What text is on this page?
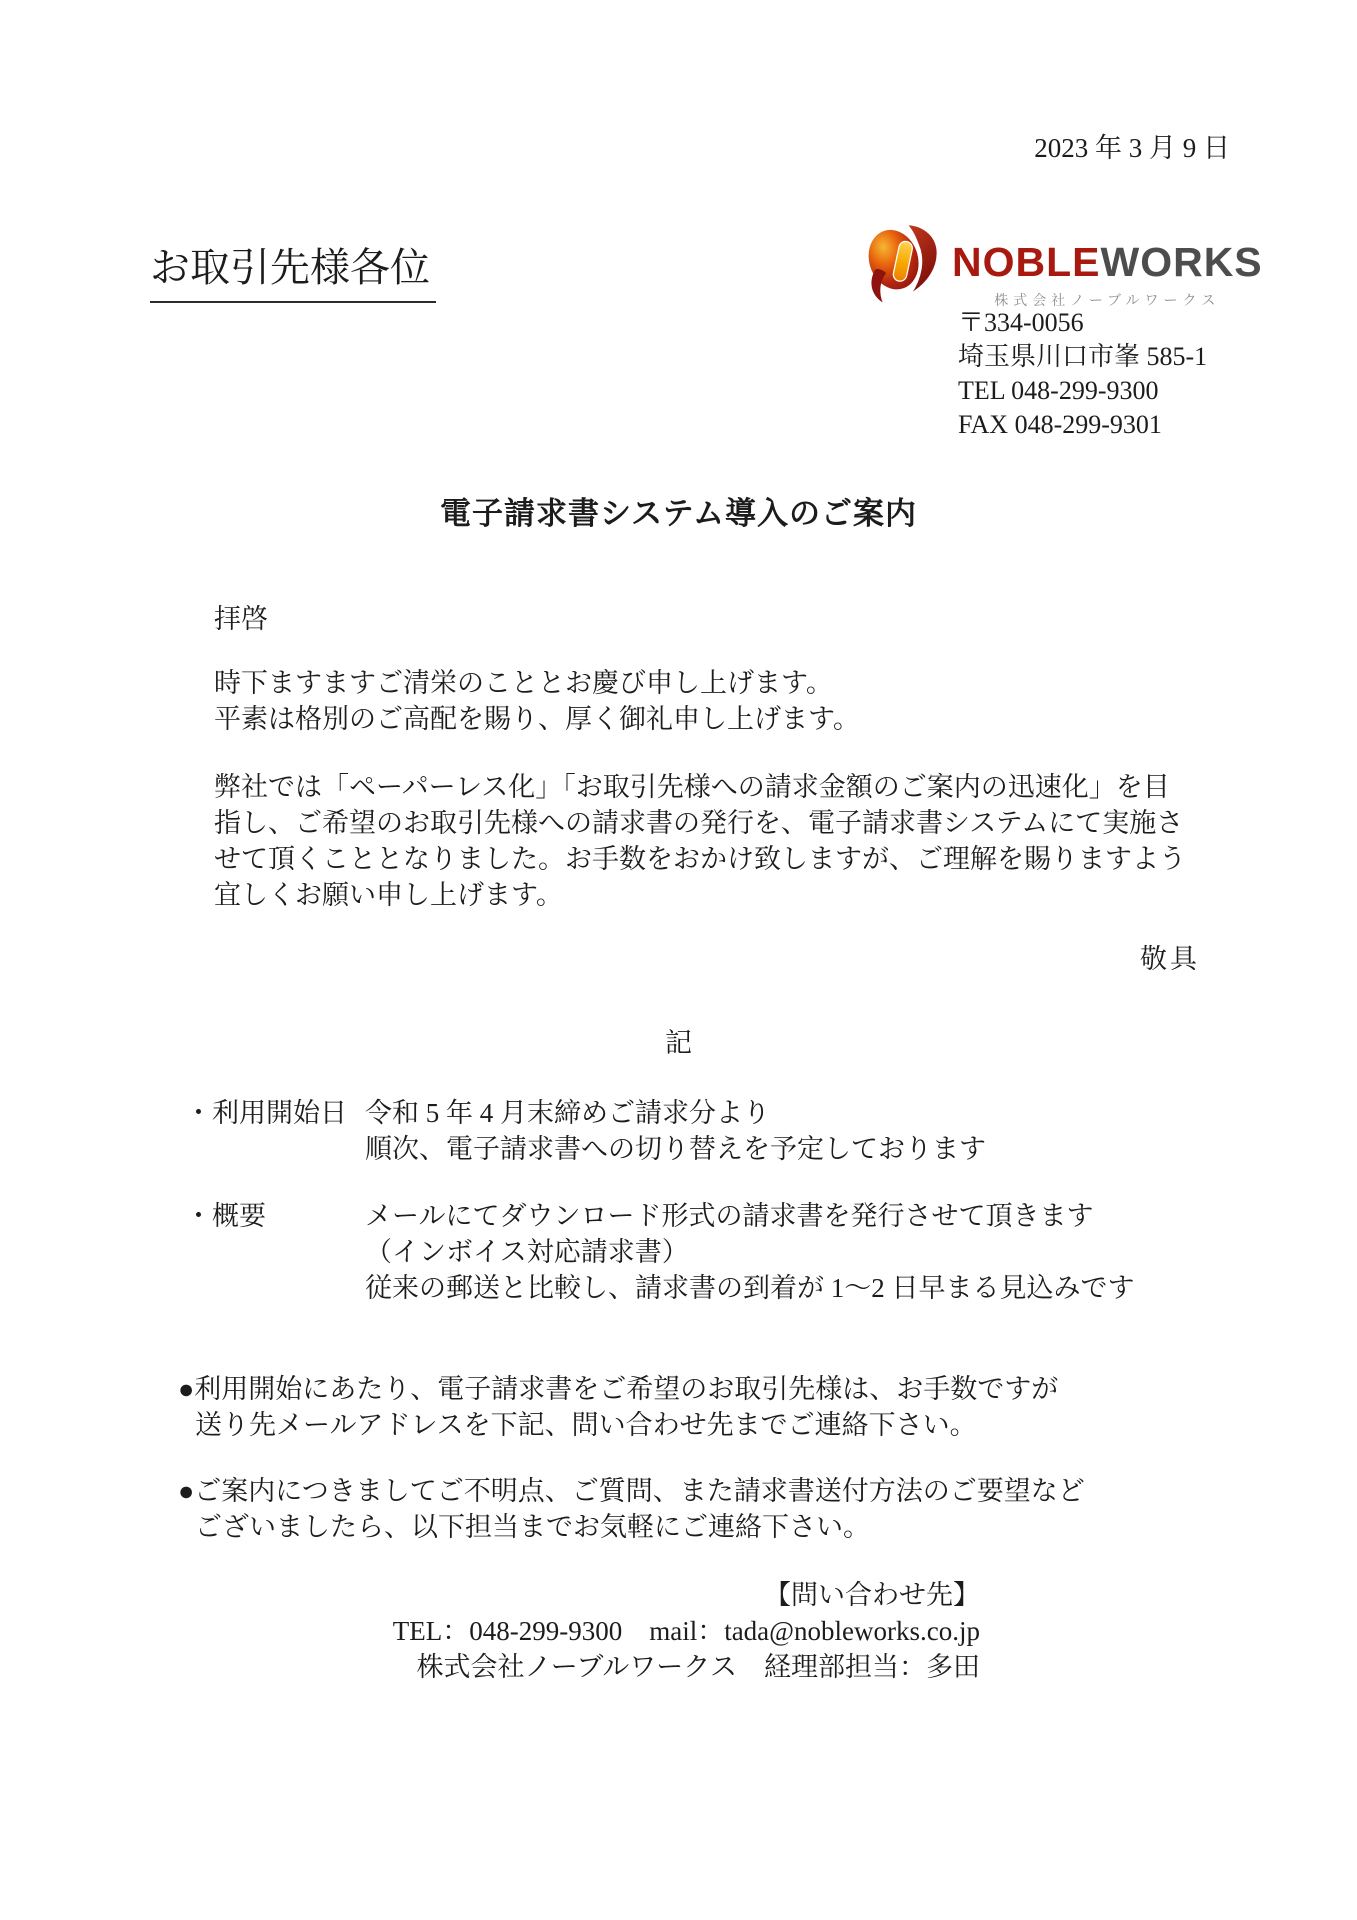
2023 年 3 月 9 日
お取引先様各位	NOBLEWORKS
株式会社ノーブルワークス
〒334-0056
埼玉県川口市峯 585-1
TEL 048-299-9300
FAX 048-299-9301
電子請求書システム導入のご案内
拝啓
時下ますますご清栄のこととお慶び申し上げます。
平素は格別のご高配を賜り、厚く御礼申し上げます。
弊社では「ペーパーレス化」「お取引先様への請求金額のご案内の迅速化」を目
指し、ご希望のお取引先様への請求書の発行を、電子請求書システムにて実施さ
せて頂くこととなりました。お手数をおかけ致しますが、ご理解を賜りますよう
宜しくお願い申し上げます。
敬具
記
・利用開始日 令和 5 年 4 月末締めご請求分より
順次、電子請求書への切り替えを予定しております
・概要	メールにてダウンロード形式の請求書を発行させて頂きます
（インボイス対応請求書）
従来の郵送と比較し、請求書の到着が 1～2 日早まる見込みです
●利用開始にあたり、電子請求書をご希望のお取引先様は、お手数ですが
送り先メールアドレスを下記、問い合わせ先までご連絡下さい。
●ご案内につきましてご不明点、ご質問、また請求書送付方法のご要望など
ございましたら、以下担当までお気軽にご連絡下さい。
【問い合わせ先】
TEL：048-299-9300　mail：tada@nobleworks.co.jp
株式会社ノーブルワークス　経理部担当：多田
